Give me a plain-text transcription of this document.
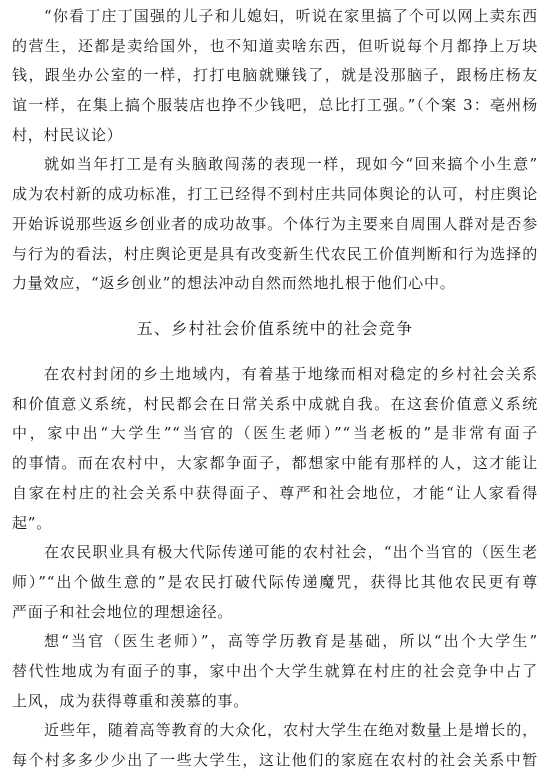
“你看丁庄丁国强的儿子和儿媳妇，听说在家里搞了个可以网上卖东西
的营生，还都是卖给国外，也不知道卖啥东西，但听说每个月都挣上万块
钱，跟坐办公室的一样，打打电脑就赚钱了，就是没那脑子，跟杨庄杨友
谊一样，在集上搞个服装店也挣不少钱吧，总比打工强。”（个案 3：亳州杨
村，村民议论）
就如当年打工是有头脑敢闯荡的表现一样，现如今“回来搞个小生意”
成为农村新的成功标准，打工已经得不到村庄共同体舆论的认可，村庄舆论
开始诉说那些返乡创业者的成功故事。个体行为主要来自周围人群对是否参
与行为的看法，村庄舆论更是具有改变新生代农民工价值判断和行为选择的
力量效应，“返乡创业”的想法冲动自然而然地扎根于他们心中。
五、乡村社会价值系统中的社会竞争
在农村封闭的乡土地域内，有着基于地缘而相对稳定的乡村社会关系
和价值意义系统，村民都会在日常关系中成就自我。在这套价值意义系统
中，家中出“大学生”“当官的（医生老师）”“当老板的”是非常有面子
的事情。而在农村中，大家都争面子，都想家中能有那样的人，这才能让
自家在村庄的社会关系中获得面子、尊严和社会地位，才能“让人家看得
起”。
在农民职业具有极大代际传递可能的农村社会，“出个当官的（医生老
师）”“出个做生意的”是农民打破代际传递魔咒，获得比其他农民更有尊
严面子和社会地位的理想途径。
想“当官（医生老师）”，高等学历教育是基础，所以“出个大学生”
替代性地成为有面子的事，家中出个大学生就算在村庄的社会竞争中占了
上风，成为获得尊重和羡慕的事。
近些年，随着高等教育的大众化，农村大学生在绝对数量上是增长的，
每个村多多少少出了一些大学生，这让他们的家庭在农村的社会关系中暂
